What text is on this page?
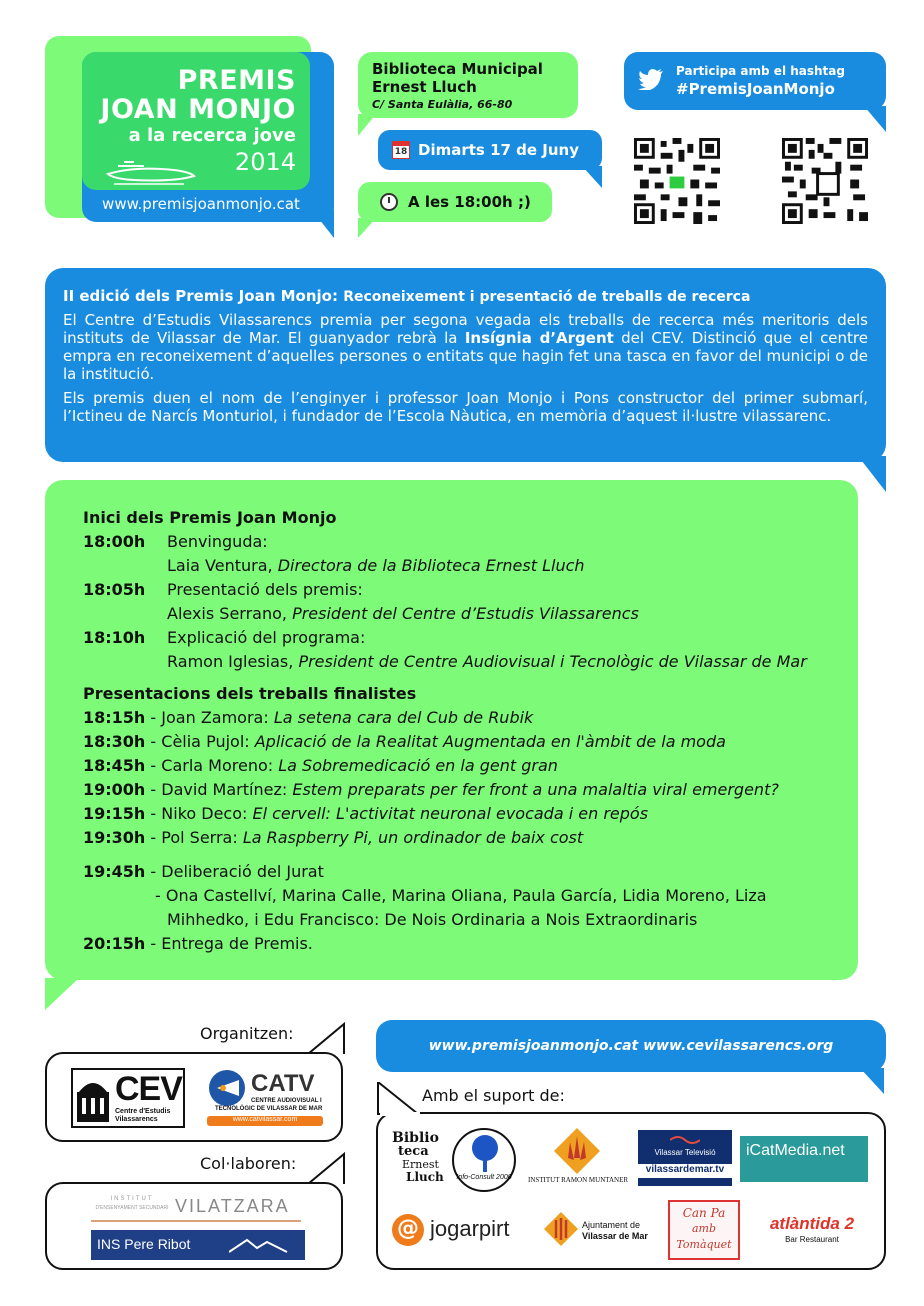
PREMIS
JOAN MONJO
a la recerca jove
2014
www.premisjoanmonjo.cat
Biblioteca Municipal
Ernest Lluch
C/ Santa Eulàlia, 66-80
18 Dimarts 17 de Juny
A les 18:00h ;)
Participa amb el hashtag
#PremisJoanMonjo
II edició dels Premis Joan Monjo: Reconeixement i presentació de treballs de recerca

El Centre d’Estudis Vilassarencs premia per segona vegada els treballs de recerca més meritoris dels instituts de Vilassar de Mar. El guanyador rebrà la Insígnia d’Argent del CEV. Distinció que el centre empra en reconeixement d’aquelles persones o entitats que hagin fet una tasca en favor del municipi o de la institució.

Els premis duen el nom de l’enginyer i professor Joan Monjo i Pons constructor del primer submarí, l’Ictineu de Narcís Monturiol, i fundador de l’Escola Nàutica, en memòria d’aquest il·lustre vilassarenc.

Inici dels Premis Joan Monjo
18:00h Benvinguda:
Laia Ventura, Directora de la Biblioteca Ernest Lluch
18:05h Presentació dels premis:
Alexis Serrano, President del Centre d’Estudis Vilassarencs
18:10h Explicació del programa:
Ramon Iglesias, President de Centre Audiovisual i Tecnològic de Vilassar de Mar
Presentacions dels treballs finalistes
18:15h - Joan Zamora: La setena cara del Cub de Rubik
18:30h - Cèlia Pujol: Aplicació de la Realitat Augmentada en l'àmbit de la moda
18:45h - Carla Moreno: La Sobremedicació en la gent gran
19:00h - David Martínez: Estem preparats per fer front a una malaltia viral emergent?
19:15h - Niko Deco: El cervell: L'activitat neuronal evocada i en repós
19:30h - Pol Serra: La Raspberry Pi, un ordinador de baix cost
19:45h - Deliberació del Jurat
- Ona Castellví, Marina Calle, Marina Oliana, Paula García, Lidia Moreno, Liza
Mihhedko, i Edu Francisco: De Nois Ordinaria a Nois Extraordinaris
20:15h - Entrega de Premis.
Organitzen:
CEV
Centre d'Estudis
Vilassarencs
CATV
CENTRE AUDIOVISUAL I
TECNOLÒGIC DE VILASSAR DE MAR
www.catvilassar.com
Col·laboren:
INSTITUT
D'ENSENYAMENT SECUNDARI VILATZARA
INS Pere Ribot
www.premisjoanmonjo.cat www.cevilassarencs.org
Amb el suport de:
Biblio
teca
Ernest
Lluch	Info-Consult 2000	INSTITUT RAMON MUNTANER
Vilassar Televisió
vilassardemar.tv
iCatMedia.net
@ jogarpirt	Ajuntament de
Vilassar de Mar
Can Pa
amb
Tomàquet
atlàntida 2
Bar Restaurant
